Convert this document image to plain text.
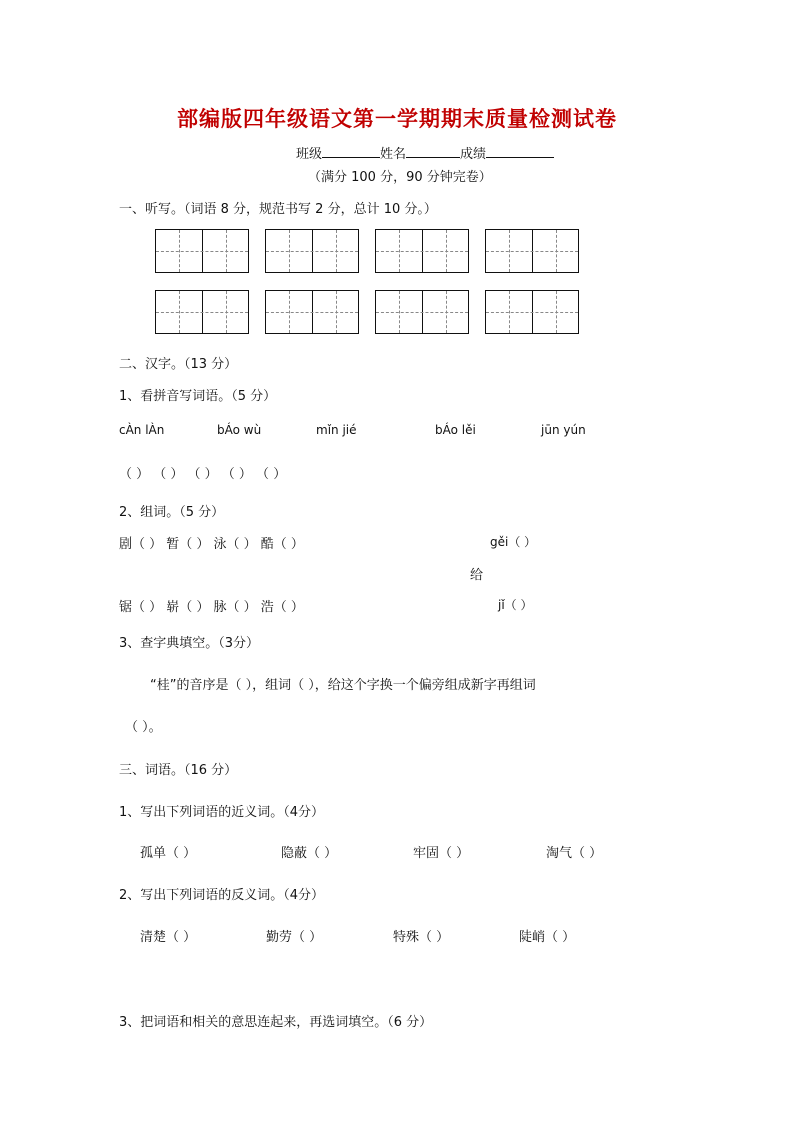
部编版四年级语文第一学期期末质量检测试卷
班级	姓名	成绩
（满分 100 分，90 分钟完卷）
一、听写。（词语 8 分，规范书写 2 分，总计 10 分。）
二、汉字。（13 分）
1、看拼音写词语。（5 分）
cÀn lÀn	bÁo wù	mǐn jié	bÁo lěi	jūn yún
（ ） （ ） （ ） （ ） （ ）
2、组词。（5 分）
剧（ ） 暂（ ） 泳（ ） 酷（ ）	gěi（ ）
给
锯（ ） 崭（ ） 脉（ ） 浩（ ）	jǐ（ ）
3、查字典填空。（3分）
“桂”的音序是（ ），组词（ ），给这个字换一个偏旁组成新字再组词
（ ）。
三、词语。（16 分）
1、写出下列词语的近义词。（4分）
孤单（ ）	隐蔽（ ）	牢固（ ）	淘气（ ）
2、写出下列词语的反义词。（4分）
清楚（ ）	勤劳（ ）	特殊（ ）	陡峭（ ）
3、把词语和相关的意思连起来，再选词填空。（6 分）
